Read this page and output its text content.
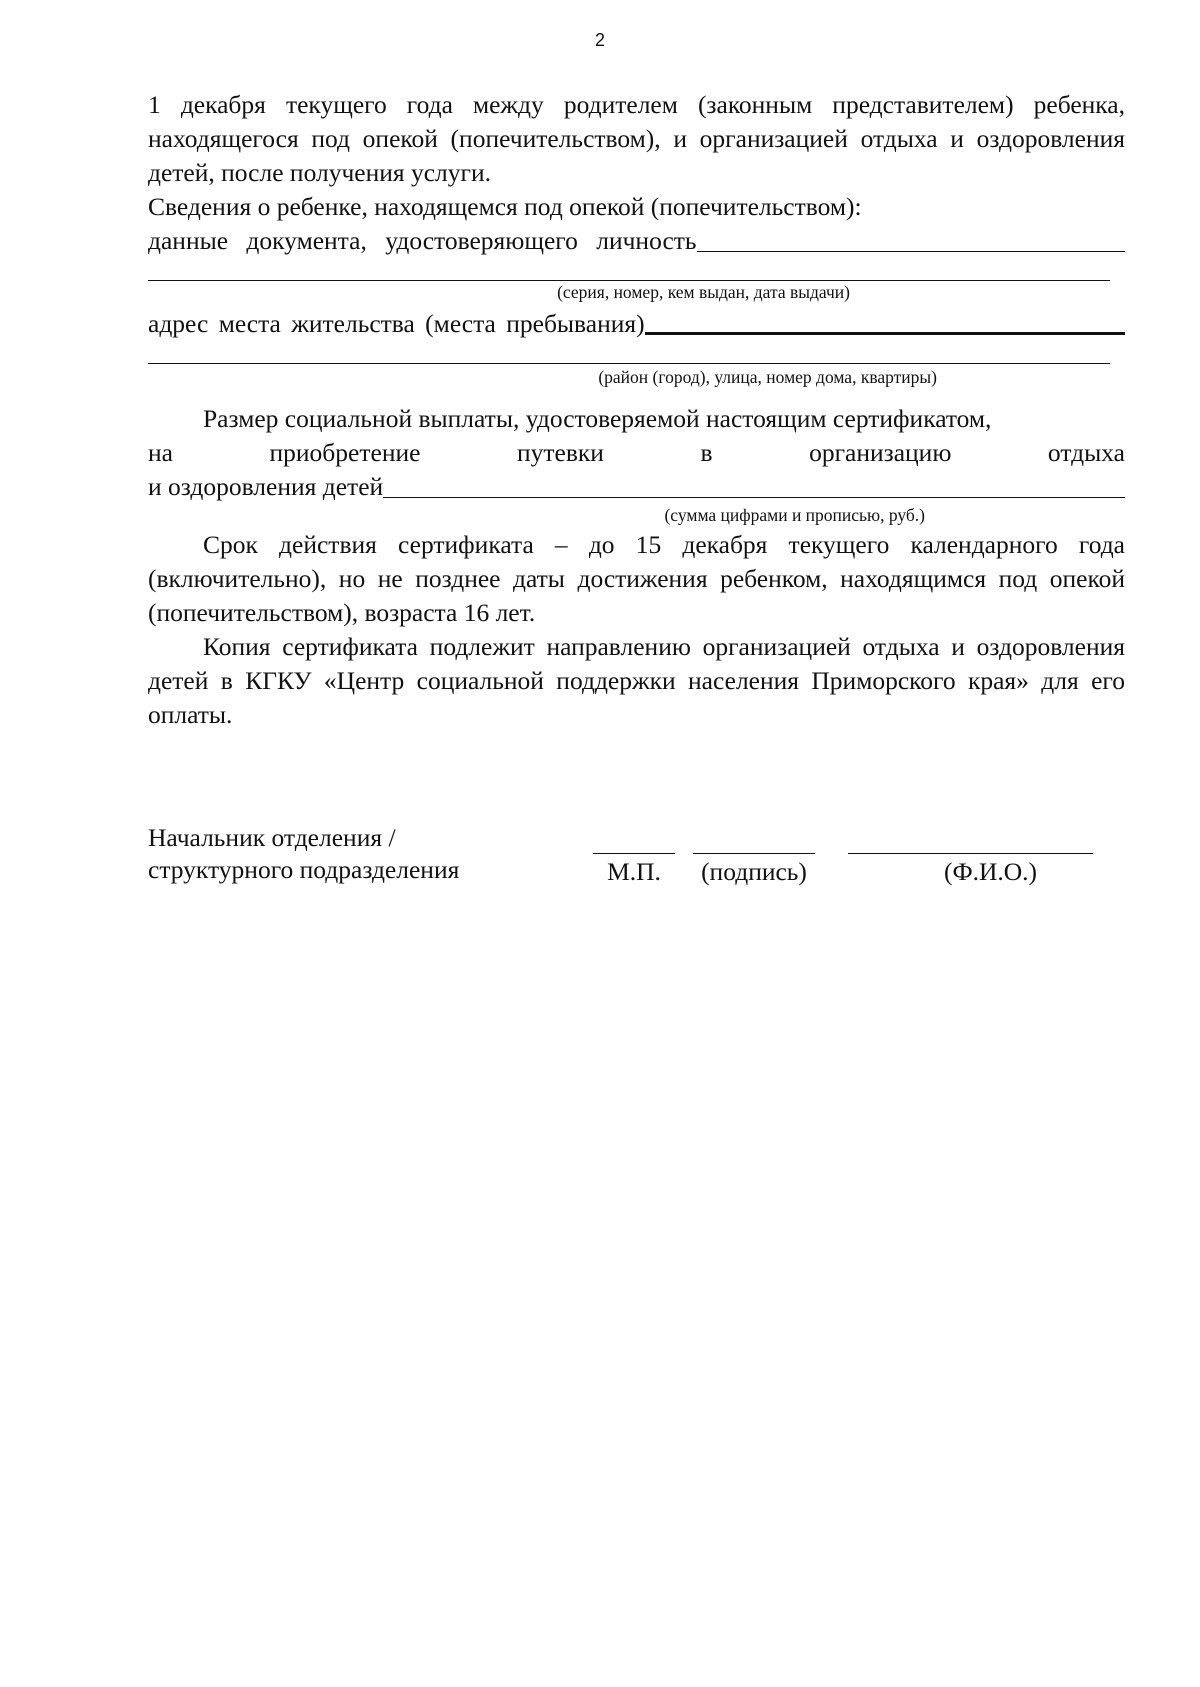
2

1 декабря текущего года между родителем (законным представителем) ребенка, находящегося под опекой (попечительством), и организацией отдыха и оздоровления детей, после получения услуги.

Сведения о ребенке, находящемся под опекой (попечительством):

данные документа, удостоверяющего личность
(серия, номер, кем выдан, дата выдачи)
адрес места жительства (места пребывания)
(район (город), улица, номер дома, квартиры)

Размер социальной выплаты, удостоверяемой настоящим сертификатом,

на	приобретение	путевки	в	организацию	отдыха
и оздоровления детей
(сумма цифрами и прописью, руб.)

Срок действия сертификата – до 15 декабря текущего календарного года (включительно), но не позднее даты достижения ребенком, находящимся под опекой (попечительством), возраста 16 лет.

Копия сертификата подлежит направлению организацией отдыха и оздоровления детей в КГКУ «Центр социальной поддержки населения Приморского края» для его оплаты.

Начальник отделения /
структурного подразделения	М.П.	(подпись)	(Ф.И.О.)
